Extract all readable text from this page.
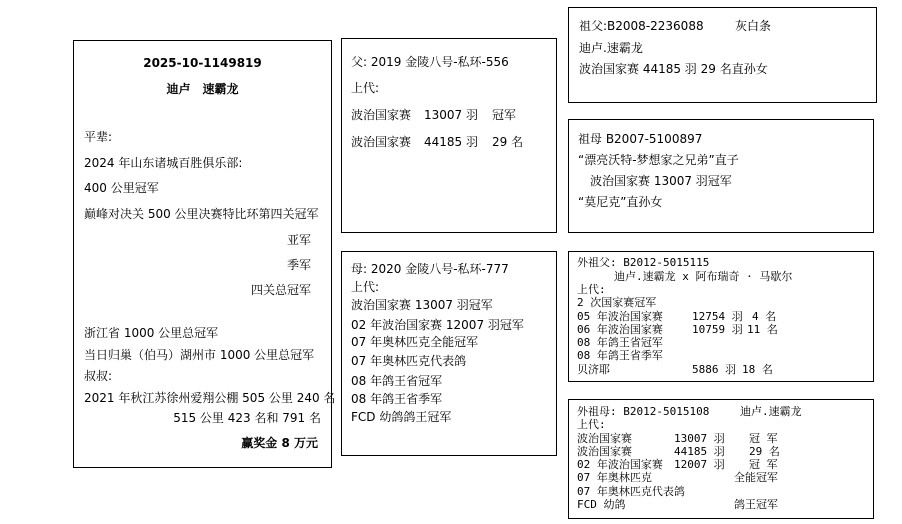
2025-10-1149819
迪卢　速霸龙
平辈:
2024 年山东诸城百胜俱乐部:
400 公里冠军
巅峰对决关 500 公里决赛特比环第四关冠军
亚军
季军
四关总冠军
浙江省 1000 公里总冠军
当日归巢（伯马）湖州市 1000 公里总冠军
叔叔:
2021 年秋江苏徐州爱翔公棚 505 公里 240 名
515 公里 423 名和 791 名
赢奖金 8 万元
父: 2019 金陵八号-私环-556
上代:
波治国家赛 13007 羽 冠军
波治国家赛 44185 羽 29 名
母: 2020 金陵八号-私环-777
上代:
波治国家赛 13007 羽冠军
02 年波治国家赛 12007 羽冠军
07 年奥林匹克全能冠军
07 年奥林匹克代表鸽
08 年鸽王省冠军
08 年鸽王省季军
FCD 幼鸽鸽王冠军
祖父:B2008-2236088	灰白条
迪卢.速霸龙
波治国家赛 44185 羽 29 名直孙女
祖母 B2007-5100897
“漂亮沃特-梦想家之兄弟”直子
波治国家赛 13007 羽冠军
“莫尼克”直孙女
外祖父: B2012-5015115
迪卢.速霸龙 x 阿布瑞奇 · 马歇尔
上代:
2 次国家赛冠军
05 年波治国家赛	12754 羽 4 名
06 年波治国家赛	10759 羽 11 名
08 年鸽王省冠军
08 年鸽王省季军
贝济耶	5886 羽 18 名
外祖母: B2012-5015108	迪卢.速霸龙
上代:
波治国家赛	13007 羽 冠 军
波治国家赛	44185 羽 29 名
02 年波治国家赛 12007 羽 冠 军
07 年奥林匹克	全能冠军
07 年奥林匹克代表鸽
FCD 幼鸽	鸽王冠军
